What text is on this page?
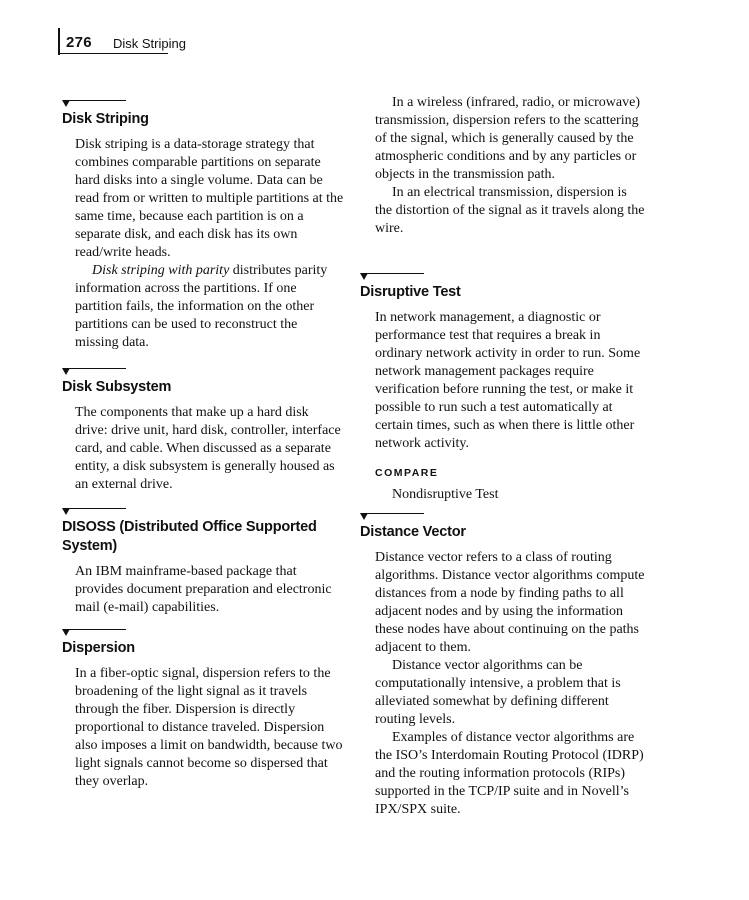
276 Disk Striping
Disk Striping

Disk striping is a data-storage strategy that combines comparable partitions on separate hard disks into a single volume. Data can be read from or written to multiple partitions at the same time, because each partition is on a separate disk, and each disk has its own read/write heads.

Disk striping with parity distributes parity information across the partitions. If one partition fails, the information on the other partitions can be used to reconstruct the missing data.

Disk Subsystem

The components that make up a hard disk drive: drive unit, hard disk, controller, interface card, and cable. When discussed as a separate entity, a disk subsystem is generally housed as an external drive.

DISOSS (Distributed Office Supported System)

An IBM mainframe-based package that provides document preparation and electronic mail (e-mail) capabilities.

Dispersion

In a fiber-optic signal, dispersion refers to the broadening of the light signal as it travels through the fiber. Dispersion is directly proportional to distance traveled. Dispersion also imposes a limit on bandwidth, because two light signals cannot become so dispersed that they overlap.

In a wireless (infrared, radio, or microwave) transmission, dispersion refers to the scattering of the signal, which is generally caused by the atmospheric conditions and by any particles or objects in the transmission path.

In an electrical transmission, dispersion is the distortion of the signal as it travels along the wire.

Disruptive Test

In network management, a diagnostic or performance test that requires a break in ordinary network activity in order to run. Some network management packages require verification before running the test, or make it possible to run such a test automatically at certain times, such as when there is little other network activity.

COMPARE
Nondisruptive Test
Distance Vector

Distance vector refers to a class of routing algorithms. Distance vector algorithms compute distances from a node by finding paths to all adjacent nodes and by using the information these nodes have about continuing on the paths adjacent to them.

Distance vector algorithms can be computationally intensive, a problem that is alleviated somewhat by defining different routing levels.

Examples of distance vector algorithms are the ISO’s Interdomain Routing Protocol (IDRP) and the routing information protocols (RIPs) supported in the TCP/IP suite and in Novell’s IPX/SPX suite.
